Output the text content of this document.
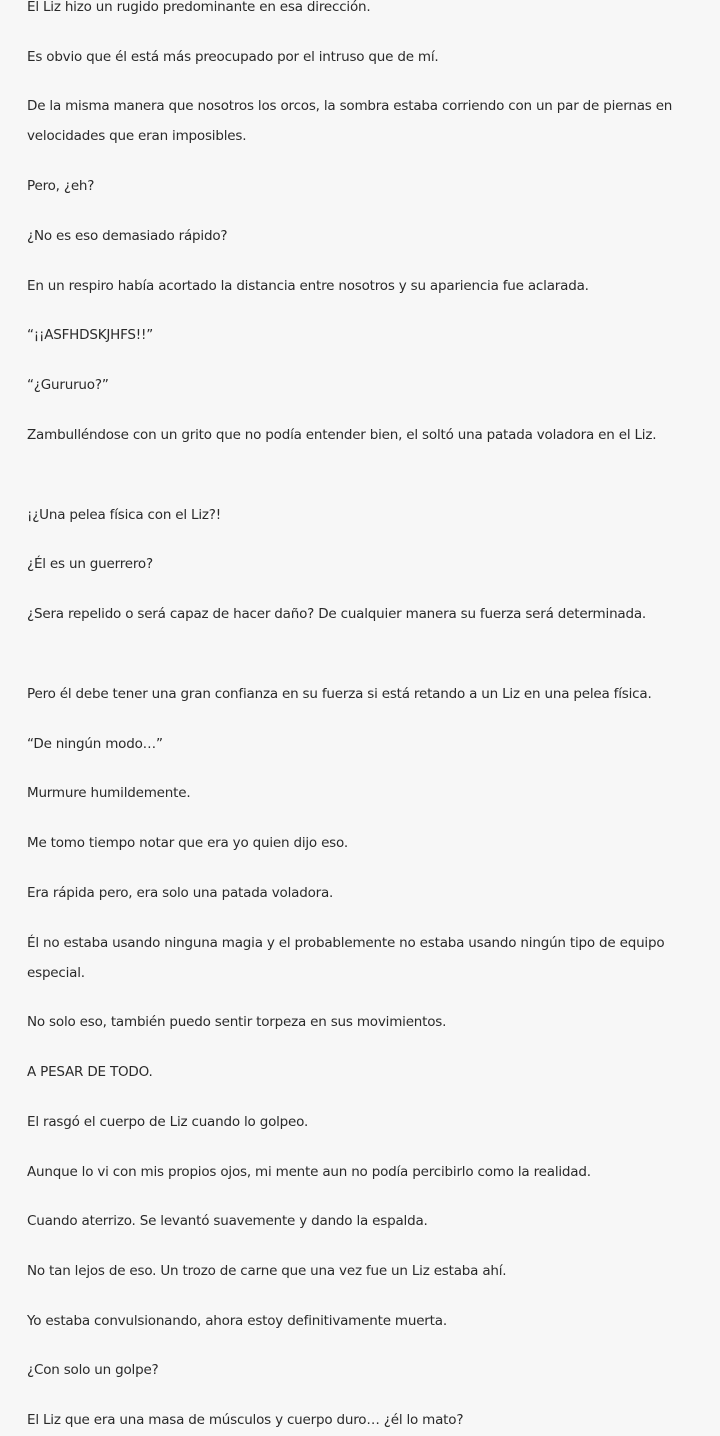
El Liz hizo un rugido predominante en esa dirección.

Es obvio que él está más preocupado por el intruso que de mí.

De la misma manera que nosotros los orcos, la sombra estaba corriendo con un par de piernas en velocidades que eran imposibles.

Pero, ¿eh?

¿No es eso demasiado rápido?

En un respiro había acortado la distancia entre nosotros y su apariencia fue aclarada.

“¡¡ASFHDSKJHFS!!”

“¿Gururuo?”

Zambulléndose con un grito que no podía entender bien, el soltó una patada voladora en el Liz.

¡¿Una pelea física con el Liz?!

¿Él es un guerrero?

¿Sera repelido o será capaz de hacer daño? De cualquier manera su fuerza será determinada.

Pero él debe tener una gran confianza en su fuerza si está retando a un Liz en una pelea física.

“De ningún modo…”

Murmure humildemente.

Me tomo tiempo notar que era yo quien dijo eso.

Era rápida pero, era solo una patada voladora.

Él no estaba usando ninguna magia y el probablemente no estaba usando ningún tipo de equipo especial.

No solo eso, también puedo sentir torpeza en sus movimientos.

A PESAR DE TODO.

El rasgó el cuerpo de Liz cuando lo golpeo.

Aunque lo vi con mis propios ojos, mi mente aun no podía percibirlo como la realidad.

Cuando aterrizo. Se levantó suavemente y dando la espalda.

No tan lejos de eso. Un trozo de carne que una vez fue un Liz estaba ahí.

Yo estaba convulsionando, ahora estoy definitivamente muerta.

¿Con solo un golpe?

El Liz que era una masa de músculos y cuerpo duro… ¿él lo mato?
